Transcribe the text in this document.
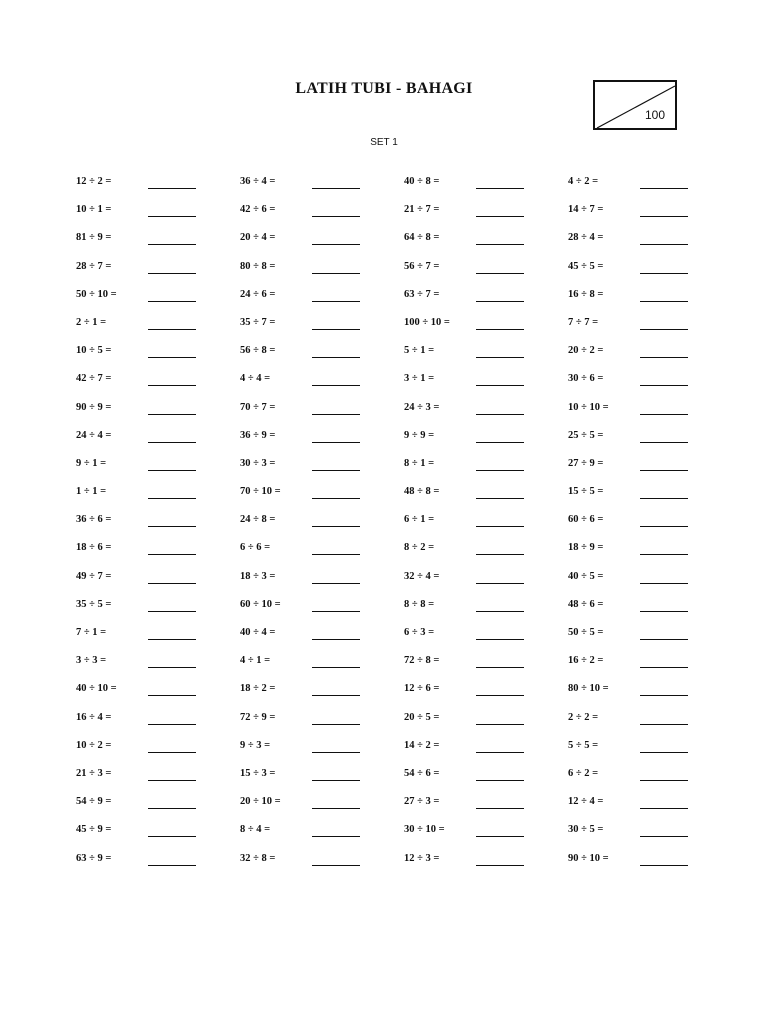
LATIH TUBI - BAHAGI
100
SET 1
12 ÷ 2 =	36 ÷ 4 =	40 ÷ 8 =	4 ÷ 2 =
10 ÷ 1 =	42 ÷ 6 =	21 ÷ 7 =	14 ÷ 7 =
81 ÷ 9 =	20 ÷ 4 =	64 ÷ 8 =	28 ÷ 4 =
28 ÷ 7 =	80 ÷ 8 =	56 ÷ 7 =	45 ÷ 5 =
50 ÷ 10 =	24 ÷ 6 =	63 ÷ 7 =	16 ÷ 8 =
2 ÷ 1 =	35 ÷ 7 =	100 ÷ 10 =	7 ÷ 7 =
10 ÷ 5 =	56 ÷ 8 =	5 ÷ 1 =	20 ÷ 2 =
42 ÷ 7 =	4 ÷ 4 =	3 ÷ 1 =	30 ÷ 6 =
90 ÷ 9 =	70 ÷ 7 =	24 ÷ 3 =	10 ÷ 10 =
24 ÷ 4 =	36 ÷ 9 =	9 ÷ 9 =	25 ÷ 5 =
9 ÷ 1 =	30 ÷ 3 =	8 ÷ 1 =	27 ÷ 9 =
1 ÷ 1 =	70 ÷ 10 =	48 ÷ 8 =	15 ÷ 5 =
36 ÷ 6 =	24 ÷ 8 =	6 ÷ 1 =	60 ÷ 6 =
18 ÷ 6 =	6 ÷ 6 =	8 ÷ 2 =	18 ÷ 9 =
49 ÷ 7 =	18 ÷ 3 =	32 ÷ 4 =	40 ÷ 5 =
35 ÷ 5 =	60 ÷ 10 =	8 ÷ 8 =	48 ÷ 6 =
7 ÷ 1 =	40 ÷ 4 =	6 ÷ 3 =	50 ÷ 5 =
3 ÷ 3 =	4 ÷ 1 =	72 ÷ 8 =	16 ÷ 2 =
40 ÷ 10 =	18 ÷ 2 =	12 ÷ 6 =	80 ÷ 10 =
16 ÷ 4 =	72 ÷ 9 =	20 ÷ 5 =	2 ÷ 2 =
10 ÷ 2 =	9 ÷ 3 =	14 ÷ 2 =	5 ÷ 5 =
21 ÷ 3 =	15 ÷ 3 =	54 ÷ 6 =	6 ÷ 2 =
54 ÷ 9 =	20 ÷ 10 =	27 ÷ 3 =	12 ÷ 4 =
45 ÷ 9 =	8 ÷ 4 =	30 ÷ 10 =	30 ÷ 5 =
63 ÷ 9 =	32 ÷ 8 =	12 ÷ 3 =	90 ÷ 10 =
